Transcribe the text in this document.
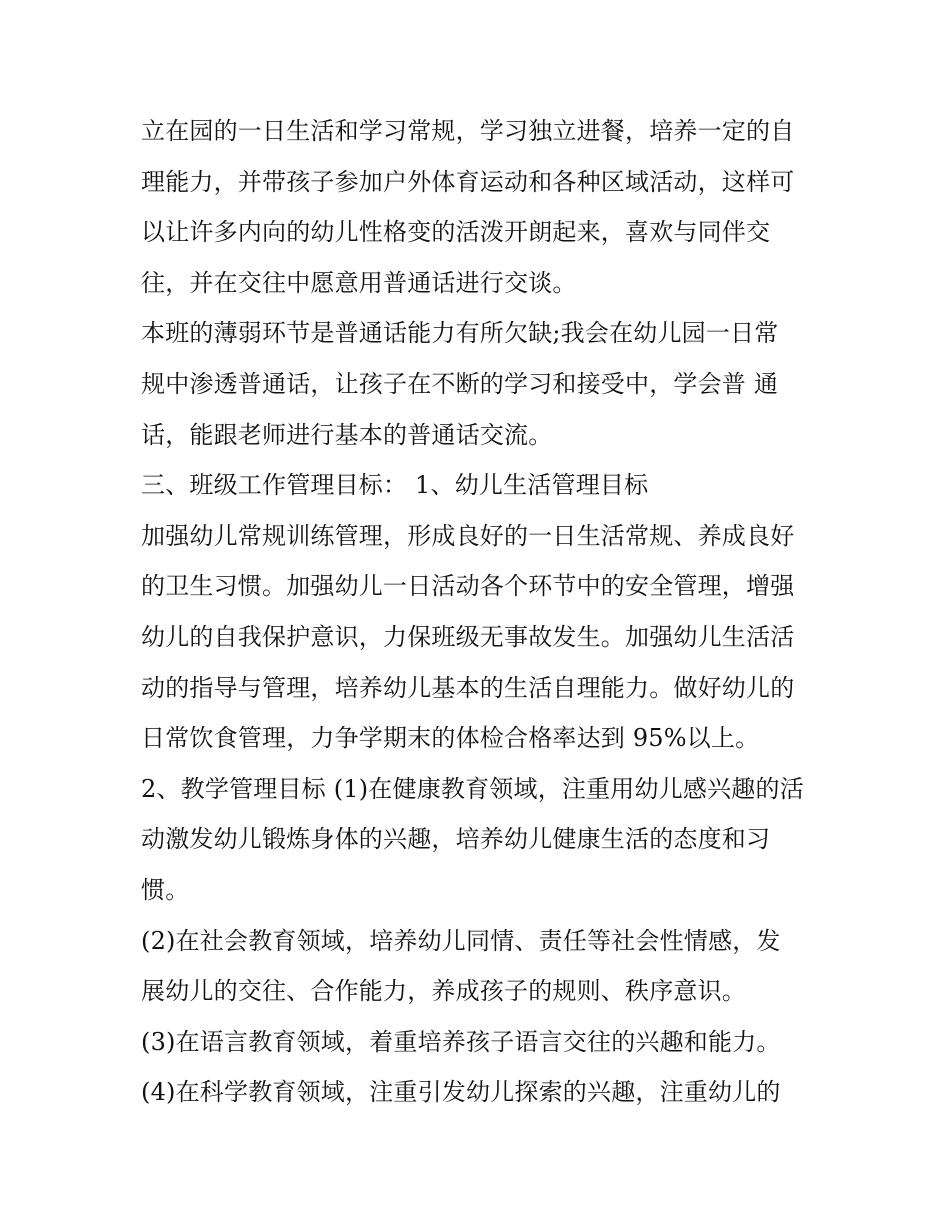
立在园的一日生活和学习常规，学习独立进餐，培养一定的自
理能力，并带孩子参加户外体育运动和各种区域活动，这样可
以让许多内向的幼儿性格变的活泼开朗起来，喜欢与同伴交
往，并在交往中愿意用普通话进行交谈。
本班的薄弱环节是普通话能力有所欠缺;我会在幼儿园一日常
规中渗透普通话，让孩子在不断的学习和接受中，学会普 通
话，能跟老师进行基本的普通话交流。
三、班级工作管理目标： 1、幼儿生活管理目标
加强幼儿常规训练管理，形成良好的一日生活常规、养成良好
的卫生习惯。加强幼儿一日活动各个环节中的安全管理，增强
幼儿的自我保护意识，力保班级无事故发生。加强幼儿生活活
动的指导与管理，培养幼儿基本的生活自理能力。做好幼儿的
日常饮食管理，力争学期末的体检合格率达到 95%以上。
2、教学管理目标 (1)在健康教育领域，注重用幼儿感兴趣的活
动激发幼儿锻炼身体的兴趣，培养幼儿健康生活的态度和习
惯。
(2)在社会教育领域，培养幼儿同情、责任等社会性情感，发
展幼儿的交往、合作能力，养成孩子的规则、秩序意识。
(3)在语言教育领域，着重培养孩子语言交往的兴趣和能力。
(4)在科学教育领域，注重引发幼儿探索的兴趣，注重幼儿的
